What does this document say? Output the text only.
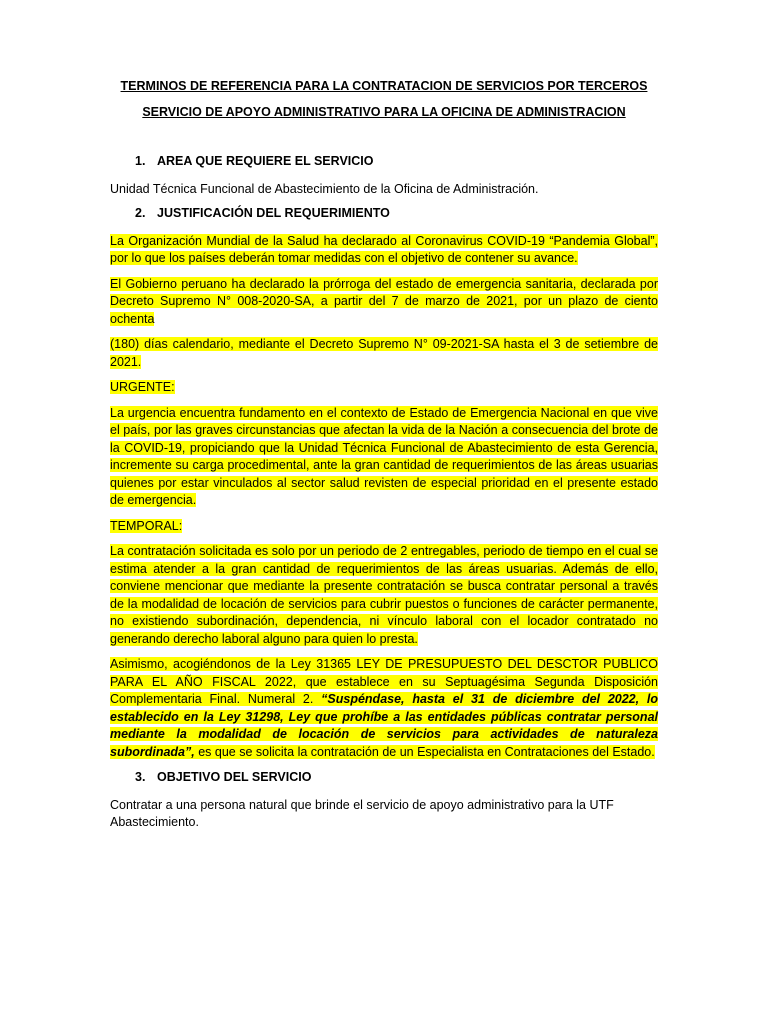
TERMINOS DE REFERENCIA PARA LA CONTRATACION DE SERVICIOS POR TERCEROS

SERVICIO DE APOYO ADMINISTRATIVO PARA LA OFICINA DE ADMINISTRACION

1. AREA QUE REQUIERE EL SERVICIO

Unidad Técnica Funcional de Abastecimiento de la Oficina de Administración.

2. JUSTIFICACIÓN DEL REQUERIMIENTO

La Organización Mundial de la Salud ha declarado al Coronavirus COVID-19 “Pandemia Global”, por lo que los países deberán tomar medidas con el objetivo de contener su avance.

El Gobierno peruano ha declarado la prórroga del estado de emergencia sanitaria, declarada por Decreto Supremo N° 008-2020-SA, a partir del 7 de marzo de 2021, por un plazo de ciento ochenta

(180) días calendario, mediante el Decreto Supremo N° 09-2021-SA hasta el 3 de setiembre de 2021.

URGENTE:

La urgencia encuentra fundamento en el contexto de Estado de Emergencia Nacional en que vive el país, por las graves circunstancias que afectan la vida de la Nación a consecuencia del brote de la COVID-19, propiciando que la Unidad Técnica Funcional de Abastecimiento de esta Gerencia, incremente su carga procedimental, ante la gran cantidad de requerimientos de las áreas usuarias quienes por estar vinculados al sector salud revisten de especial prioridad en el presente estado de emergencia.

TEMPORAL:

La contratación solicitada es solo por un periodo de 2 entregables, periodo de tiempo en el cual se estima atender a la gran cantidad de requerimientos de las áreas usuarias. Además de ello, conviene mencionar que mediante la presente contratación se busca contratar personal a través de la modalidad de locación de servicios para cubrir puestos o funciones de carácter permanente, no existiendo subordinación, dependencia, ni vínculo laboral con el locador contratado no generando derecho laboral alguno para quien lo presta.

Asimismo, acogiéndonos de la Ley 31365 LEY DE PRESUPUESTO DEL DESCTOR PUBLICO PARA EL AÑO FISCAL 2022, que establece en su Septuagésima Segunda Disposición Complementaria Final. Numeral 2. “Suspéndase, hasta el 31 de diciembre del 2022, lo establecido en la Ley 31298, Ley que prohíbe a las entidades públicas contratar personal mediante la modalidad de locación de servicios para actividades de naturaleza subordinada”, es que se solicita la contratación de un Especialista en Contrataciones del Estado.

3. OBJETIVO DEL SERVICIO

Contratar a una persona natural que brinde el servicio de apoyo administrativo para la UTF Abastecimiento.
